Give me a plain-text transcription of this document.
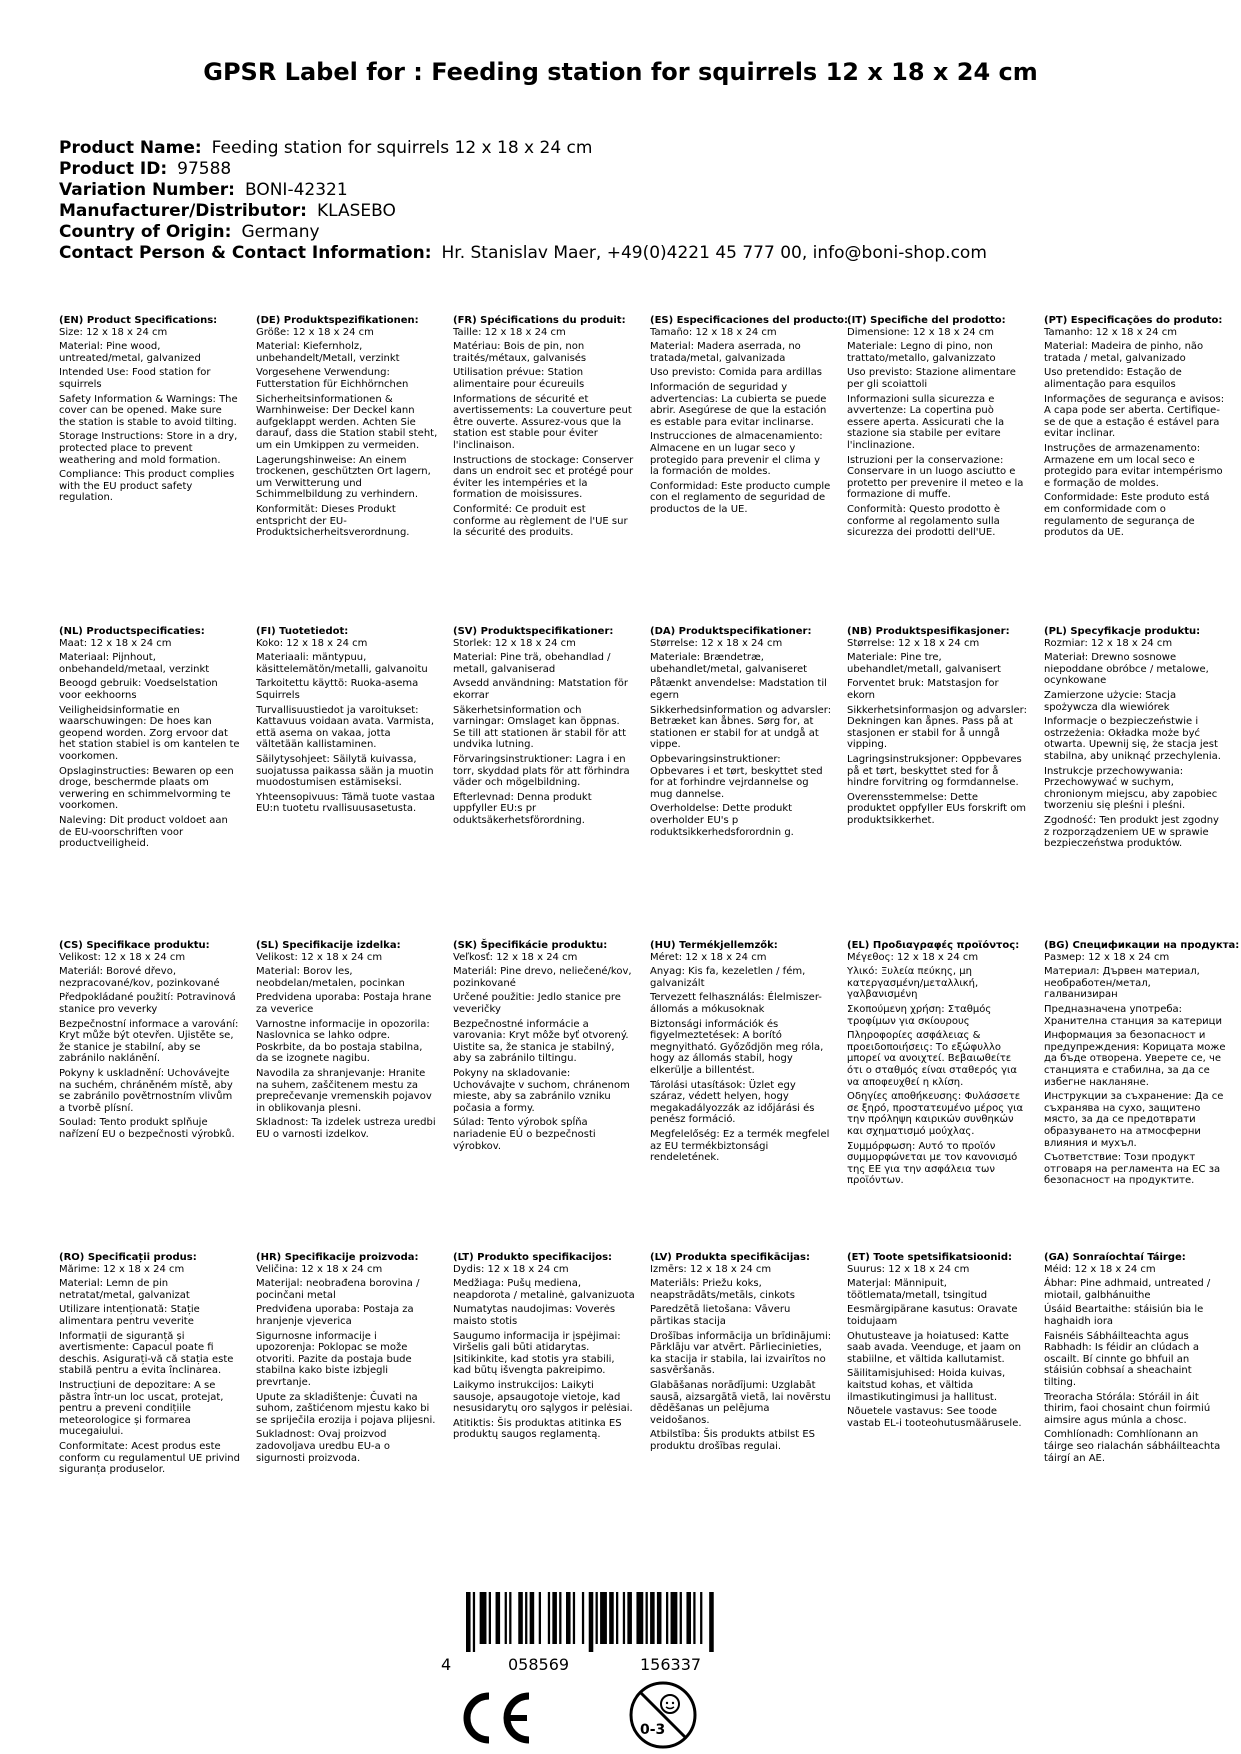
GPSR Label for : Feeding station for squirrels 12 x 18 x 24 cm
Product Name: Feeding station for squirrels 12 x 18 x 24 cm
Product ID: 97588
Variation Number: BONI-42321
Manufacturer/Distributor: KLASEBO
Country of Origin: Germany
Contact Person & Contact Information: Hr. Stanislav Maer, +49(0)4221 45 777 00, info@boni-shop.com
(EN) Product Specifications:

Size: 12 x 18 x 24 cm

Material: Pine wood, untreated/metal, galvanized

Intended Use: Food station for squirrels

Safety Information & Warnings: The cover can be opened. Make sure the station is stable to avoid tilting.

Storage Instructions: Store in a dry, protected place to prevent weathering and mold formation.

Compliance: This product complies with the EU product safety regulation.

(DE) Produktspezifikationen:

Größe: 12 x 18 x 24 cm

Material: Kiefernholz, unbehandelt/Metall, verzinkt

Vorgesehene Verwendung: Futterstation für Eichhörnchen

Sicherheitsinformationen & Warnhinweise: Der Deckel kann aufgeklappt werden. Achten Sie darauf, dass die Station stabil steht, um ein Umkippen zu vermeiden.

Lagerungshinweise: An einem trockenen, geschützten Ort lagern, um Verwitterung und Schimmelbildung zu verhindern.

Konformität: Dieses Produkt entspricht der EU-Produktsicherheitsverordnung.

(FR) Spécifications du produit:

Taille: 12 x 18 x 24 cm

Matériau: Bois de pin, non traités/métaux, galvanisés

Utilisation prévue: Station alimentaire pour écureuils

Informations de sécurité et avertissements: La couverture peut être ouverte. Assurez-vous que la station est stable pour éviter l'inclinaison.

Instructions de stockage: Conserver dans un endroit sec et protégé pour éviter les intempéries et la formation de moisissures.

Conformité: Ce produit est conforme au règlement de l'UE sur la sécurité des produits.

(ES) Especificaciones del producto:

Tamaño: 12 x 18 x 24 cm

Material: Madera aserrada, no tratada/metal, galvanizada

Uso previsto: Comida para ardillas

Información de seguridad y advertencias: La cubierta se puede abrir. Asegúrese de que la estación es estable para evitar inclinarse.

Instrucciones de almacenamiento: Almacene en un lugar seco y protegido para prevenir el clima y la formación de moldes.

Conformidad: Este producto cumple con el reglamento de seguridad de productos de la UE.

(IT) Specifiche del prodotto:

Dimensione: 12 x 18 x 24 cm

Materiale: Legno di pino, non trattato/metallo, galvanizzato

Uso previsto: Stazione alimentare per gli scoiattoli

Informazioni sulla sicurezza e avvertenze: La copertina può essere aperta. Assicurati che la stazione sia stabile per evitare l'inclinazione.

Istruzioni per la conservazione: Conservare in un luogo asciutto e protetto per prevenire il meteo e la formazione di muffe.

Conformità: Questo prodotto è conforme al regolamento sulla sicurezza dei prodotti dell'UE.

(PT) Especificações do produto:

Tamanho: 12 x 18 x 24 cm

Material: Madeira de pinho, não tratada / metal, galvanizado

Uso pretendido: Estação de alimentação para esquilos

Informações de segurança e avisos: A capa pode ser aberta. Certifique-se de que a estação é estável para evitar inclinar.

Instruções de armazenamento: Armazene em um local seco e protegido para evitar intempérismo e formação de moldes.

Conformidade: Este produto está em conformidade com o regulamento de segurança de produtos da UE.

(NL) Productspecificaties:

Maat: 12 x 18 x 24 cm

Materiaal: Pijnhout, onbehandeld/metaal, verzinkt

Beoogd gebruik: Voedselstation voor eekhoorns

Veiligheidsinformatie en waarschuwingen: De hoes kan geopend worden. Zorg ervoor dat het station stabiel is om kantelen te voorkomen.

Opslaginstructies: Bewaren op een droge, beschermde plaats om verwering en schimmelvorming te voorkomen.

Naleving: Dit product voldoet aan de EU-voorschriften voor productveiligheid.

(FI) Tuotetiedot:

Koko: 12 x 18 x 24 cm

Materiaali: mäntypuu, käsittelemätön/metalli, galvanoitu

Tarkoitettu käyttö: Ruoka-asema Squirrels

Turvallisuustiedot ja varoitukset: Kattavuus voidaan avata. Varmista, että asema on vakaa, jotta vältetään kallistaminen.

Säilytysohjeet: Säilytä kuivassa, suojatussa paikassa sään ja muotin muodostumisen estämiseksi.

Yhteensopivuus: Tämä tuote vastaa EU:n tuotetu rvallisuusasetusta.

(SV) Produktspecifikationer:

Storlek: 12 x 18 x 24 cm

Material: Pine trä, obehandlad / metall, galvaniserad

Avsedd användning: Matstation för ekorrar

Säkerhetsinformation och varningar: Omslaget kan öppnas. Se till att stationen är stabil för att undvika lutning.

Förvaringsinstruktioner: Lagra i en torr, skyddad plats för att förhindra väder och mögelbildning.

Efterlevnad: Denna produkt uppfyller EU:s pr oduktsäkerhetsförordning.

(DA) Produktspecifikationer:

Størrelse: 12 x 18 x 24 cm

Materiale: Brændetræ, ubehandlet/metal, galvaniseret

Påtænkt anvendelse: Madstation til egern

Sikkerhedsinformation og advarsler: Betræket kan åbnes. Sørg for, at stationen er stabil for at undgå at vippe.

Opbevaringsinstruktioner: Opbevares i et tørt, beskyttet sted for at forhindre vejrdannelse og mug dannelse.

Overholdelse: Dette produkt overholder EU's p roduktsikkerhedsforordnin g.

(NB) Produktspesifikasjoner:

Størrelse: 12 x 18 x 24 cm

Materiale: Pine tre, ubehandlet/metall, galvanisert

Forventet bruk: Matstasjon for ekorn

Sikkerhetsinformasjon og advarsler: Dekningen kan åpnes. Pass på at stasjonen er stabil for å unngå vipping.

Lagringsinstruksjoner: Oppbevares på et tørt, beskyttet sted for å hindre forvitring og formdannelse.

Overensstemmelse: Dette produktet oppfyller EUs forskrift om produktsikkerhet.

(PL) Specyfikacje produktu:

Rozmiar: 12 x 18 x 24 cm

Materiał: Drewno sosnowe niepoddane obróbce / metalowe, ocynkowane

Zamierzone użycie: Stacja spożywcza dla wiewiórek

Informacje o bezpieczeństwie i ostrzeżenia: Okładka może być otwarta. Upewnij się, że stacja jest stabilna, aby uniknąć przechylenia.

Instrukcje przechowywania: Przechowywać w suchym, chronionym miejscu, aby zapobiec tworzeniu się pleśni i pleśni.

Zgodność: Ten produkt jest zgodny z rozporządzeniem UE w sprawie bezpieczeństwa produktów.

(CS) Specifikace produktu:

Velikost: 12 x 18 x 24 cm

Materiál: Borové dřevo, nezpracované/kov, pozinkované

Předpokládané použití: Potravinová stanice pro veverky

Bezpečnostní informace a varování: Kryt může být otevřen. Ujistěte se, že stanice je stabilní, aby se zabránilo naklánění.

Pokyny k uskladnění: Uchovávejte na suchém, chráněném místě, aby se zabránilo povětrnostním vlivům a tvorbě plísní.

Soulad: Tento produkt splňuje nařízení EU o bezpečnosti výrobků.

(SL) Specifikacije izdelka:

Velikost: 12 x 18 x 24 cm

Material: Borov les, neobdelan/metalen, pocinkan

Predvidena uporaba: Postaja hrane za veverice

Varnostne informacije in opozorila: Naslovnica se lahko odpre. Poskrbite, da bo postaja stabilna, da se izognete nagibu.

Navodila za shranjevanje: Hranite na suhem, zaščitenem mestu za preprečevanje vremenskih pojavov in oblikovanja plesni.

Skladnost: Ta izdelek ustreza uredbi EU o varnosti izdelkov.

(SK) Špecifikácie produktu:

Veľkosť: 12 x 18 x 24 cm

Materiál: Pine drevo, neliečené/kov, pozinkované

Určené použitie: Jedlo stanice pre veveričky

Bezpečnostné informácie a varovania: Kryt môže byť otvorený. Uistite sa, že stanica je stabilný, aby sa zabránilo tiltingu.

Pokyny na skladovanie: Uchovávajte v suchom, chránenom mieste, aby sa zabránilo vzniku počasia a formy.

Súlad: Tento výrobok spĺňa nariadenie EÚ o bezpečnosti výrobkov.

(HU) Termékjellemzők:

Méret: 12 x 18 x 24 cm

Anyag: Kis fa, kezeletlen / fém, galvanizált

Tervezett felhasználás: Élelmiszer-állomás a mókusoknak

Biztonsági információk és figyelmeztetések: A borító megnyitható. Győződjön meg róla, hogy az állomás stabil, hogy elkerülje a billentést.

Tárolási utasítások: Üzlet egy száraz, védett helyen, hogy megakadályozzák az időjárási és penész formáció.

Megfelelőség: Ez a termék megfelel az EU termékbiztonsági rendeletének.

(EL) Προδιαγραφές προϊόντος:

Μέγεθος: 12 x 18 x 24 cm

Υλικό: Ξυλεία πεύκης, μη κατεργασμένη/μεταλλική, γαλβανισμένη

Σκοπούμενη χρήση: Σταθμός τροφίμων για σκίουρους

Πληροφορίες ασφάλειας & προειδοποιήσεις: Το εξώφυλλο μπορεί να ανοιχτεί. Βεβαιωθείτε ότι ο σταθμός είναι σταθερός για να αποφευχθεί η κλίση.

Οδηγίες αποθήκευσης: Φυλάσσετε σε ξηρό, προστατευμένο μέρος για την πρόληψη καιρικών συνθηκών και σχηματισμό μούχλας.

Συμμόρφωση: Αυτό το προϊόν συμμορφώνεται με τον κανονισμό της ΕΕ για την ασφάλεια των προϊόντων.

(BG) Спецификации на продукта:

Размер: 12 x 18 x 24 cm

Материал: Дървен материал, необработен/метал, галванизиран

Предназначена употреба: Хранителна станция за катерици

Информация за безопасност и предупреждения: Корицата може да бъде отворена. Уверете се, че станцията е стабилна, за да се избегне накланяне.

Инструкции за съхранение: Да се съхранява на сухо, защитено място, за да се предотврати образуването на атмосферни влияния и мухъл.

Съответствие: Този продукт отговаря на регламента на ЕС за безопасност на продуктите.

(RO) Specificații produs:

Mărime: 12 x 18 x 24 cm

Material: Lemn de pin netratat/metal, galvanizat

Utilizare intenționată: Stație alimentara pentru veverite

Informații de siguranță și avertismente: Capacul poate fi deschis. Asigurați-vă că stația este stabilă pentru a evita înclinarea.

Instrucțiuni de depozitare: A se păstra într-un loc uscat, protejat, pentru a preveni condițiile meteorologice și formarea mucegaiului.

Conformitate: Acest produs este conform cu regulamentul UE privind siguranța produselor.

(HR) Specifikacije proizvoda:

Veličina: 12 x 18 x 24 cm

Materijal: neobrađena borovina / pocinčani metal

Predviđena uporaba: Postaja za hranjenje vjeverica

Sigurnosne informacije i upozorenja: Poklopac se može otvoriti. Pazite da postaja bude stabilna kako biste izbjegli prevrtanje.

Upute za skladištenje: Čuvati na suhom, zaštićenom mjestu kako bi se spriječila erozija i pojava plijesni.

Sukladnost: Ovaj proizvod zadovoljava uredbu EU-a o sigurnosti proizvoda.

(LT) Produkto specifikacijos:

Dydis: 12 x 18 x 24 cm

Medžiaga: Pušų mediena, neapdorota / metalinė, galvanizuota

Numatytas naudojimas: Voverės maisto stotis

Saugumo informacija ir įspėjimai: Viršelis gali būti atidarytas. Įsitikinkite, kad stotis yra stabili, kad būtų išvengta pakreipimo.

Laikymo instrukcijos: Laikyti sausoje, apsaugotoje vietoje, kad nesusidarytų oro sąlygos ir pelėsiai.

Atitiktis: Šis produktas atitinka ES produktų saugos reglamentą.

(LV) Produkta specifikācijas:

Izmērs: 12 x 18 x 24 cm

Materiāls: Priežu koks, neapstrādāts/metāls, cinkots

Paredzētā lietošana: Vāveru pārtikas stacija

Drošības informācija un brīdinājumi: Pārklāju var atvērt. Pārliecinieties, ka stacija ir stabila, lai izvairītos no sasvēršanās.

Glabāšanas norādījumi: Uzglabāt sausā, aizsargātā vietā, lai novērstu dēdēšanas un pelējuma veidošanos.

Atbilstība: Šis produkts atbilst ES produktu drošības regulai.

(ET) Toote spetsifikatsioonid:

Suurus: 12 x 18 x 24 cm

Materjal: Männipuit, töötlemata/metall, tsingitud

Eesmärgipärane kasutus: Oravate toidujaam

Ohutusteave ja hoiatused: Katte saab avada. Veenduge, et jaam on stabiilne, et vältida kallutamist.

Säilitamisjuhised: Hoida kuivas, kaitstud kohas, et vältida ilmastikutingimusi ja hallitust.

Nõuetele vastavus: See toode vastab EL-i tooteohutusmäärusele.

(GA) Sonraíochtaí Táirge:

Méid: 12 x 18 x 24 cm

Ábhar: Pine adhmaid, untreated / miotail, galbhánuithe

Úsáid Beartaithe: stáisiún bia le haghaidh iora

Faisnéis Sábháilteachta agus Rabhadh: Is féidir an clúdach a oscailt. Bí cinnte go bhfuil an stáisiún cobhsaí a sheachaint tilting.

Treoracha Stórála: Stóráil in áit thirim, faoi chosaint chun foirmiú aimsire agus múnla a chosc.

Comhlíonadh: Comhlíonann an táirge seo rialachán sábháilteachta táirgí an AE.

4	058569	156337
0-3
